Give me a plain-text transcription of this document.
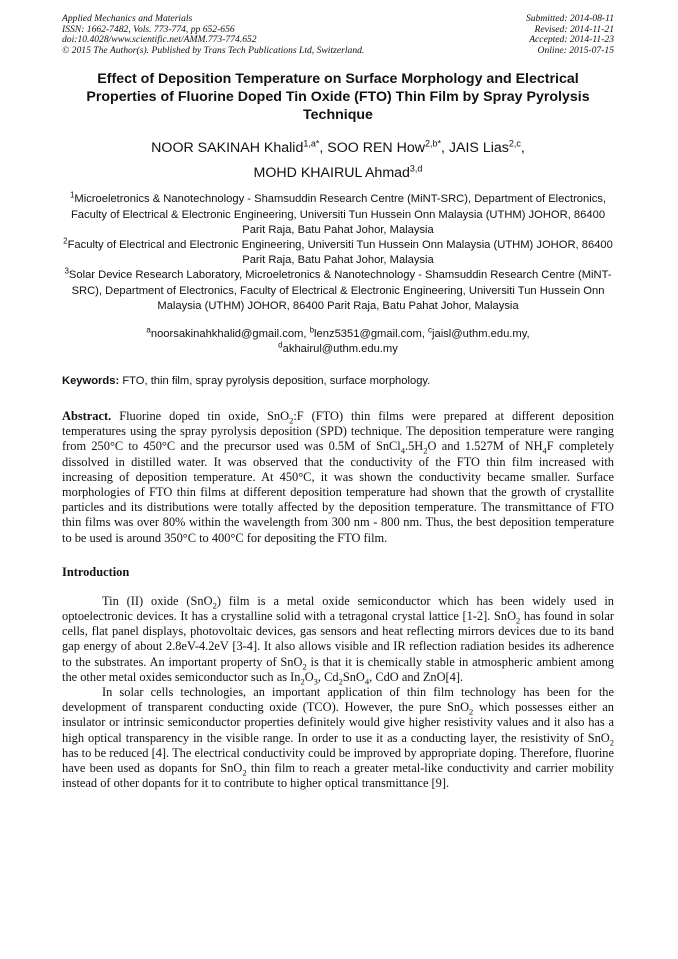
Applied Mechanics and Materials
ISSN: 1662-7482, Vols. 773-774, pp 652-656
doi:10.4028/www.scientific.net/AMM.773-774.652
© 2015 The Author(s). Published by Trans Tech Publications Ltd, Switzerland.
Submitted: 2014-08-11
Revised: 2014-11-21
Accepted: 2014-11-23
Online: 2015-07-15
Effect of Deposition Temperature on Surface Morphology and Electrical Properties of Fluorine Doped Tin Oxide (FTO) Thin Film by Spray Pyrolysis Technique
NOOR SAKINAH Khalid$^{1,a*}$, SOO REN How$^{2,b*}$, JAIS Lias$^{2,c}$,
MOHD KHAIRUL Ahmad$^{3,d}$
$^1$Microeletronics & Nanotechnology - Shamsuddin Research Centre (MiNT-SRC), Department of Electronics, Faculty of Electrical & Electronic Engineering, Universiti Tun Hussein Onn Malaysia (UTHM) JOHOR, 86400 Parit Raja, Batu Pahat Johor, Malaysia
$^2$Faculty of Electrical and Electronic Engineering, Universiti Tun Hussein Onn Malaysia (UTHM) JOHOR, 86400 Parit Raja, Batu Pahat Johor, Malaysia
$^3$Solar Device Research Laboratory, Microeletronics & Nanotechnology - Shamsuddin Research Centre (MiNT-SRC), Department of Electronics, Faculty of Electrical & Electronic Engineering, Universiti Tun Hussein Onn Malaysia (UTHM) JOHOR, 86400 Parit Raja, Batu Pahat Johor, Malaysia
$^a$noorsakinahkhalid@gmail.com, $^b$lenz5351@gmail.com, $^c$jaisl@uthm.edu.my,
$^d$akhairul@uthm.edu.my
Keywords: FTO, thin film, spray pyrolysis deposition, surface morphology.
Abstract. Fluorine doped tin oxide, SnO$_2$:F (FTO) thin films were prepared at different deposition temperatures using the spray pyrolysis deposition (SPD) technique. The deposition temperature were ranging from 250°C to 450°C and the precursor used was 0.5M of $SnCl_4.5H_2O$ and 1.527M of $NH_4F$ completely dissolved in distilled water. It was observed that the conductivity of the FTO thin film increased with increasing of deposition temperature. At 450°C, it was shown the conductivity became smaller. Surface morphologies of FTO thin films at different deposition temperature had shown that the growth of crystallite particles and its distributions were totally affected by the deposition temperature. The transmittance of FTO thin films was over 80% within the wavelength from 300 nm - 800 nm. Thus, the best deposition temperature to be used is around 350°C to 400°C for depositing the FTO film.
Introduction
Tin (II) oxide (SnO$_2$) film is a metal oxide semiconductor which has been widely used in optoelectronic devices. It has a crystalline solid with a tetragonal crystal lattice [1-2]. SnO$_2$ has found in solar cells, flat panel displays, photovoltaic devices, gas sensors and heat reflecting mirrors devices due to its band gap energy of about 2.8eV-4.2eV [3-4]. It also allows visible and IR reflection radiation besides its adherence to the substrates. An important property of SnO$_2$ is that it is chemically stable in atmospheric ambient among the other metal oxides semiconductor such as $In_2O_3$, $Cd_2SnO_4$, CdO and ZnO[4].
In solar cells technologies, an important application of thin film technology has been for the development of transparent conducting oxide (TCO). However, the pure SnO$_2$ which possesses either an insulator or intrinsic semiconductor properties definitely would give higher resistivity values and it also has a high optical transparency in the visible range. In order to use it as a conducting layer, the resistivity of SnO$_2$ has to be reduced [4]. The electrical conductivity could be improved by appropriate doping. Therefore, fluorine have been used as dopants for SnO$_2$ thin film to reach a greater metal-like conductivity and carrier mobility instead of other dopants for it to contribute to higher optical transmittance [9].
